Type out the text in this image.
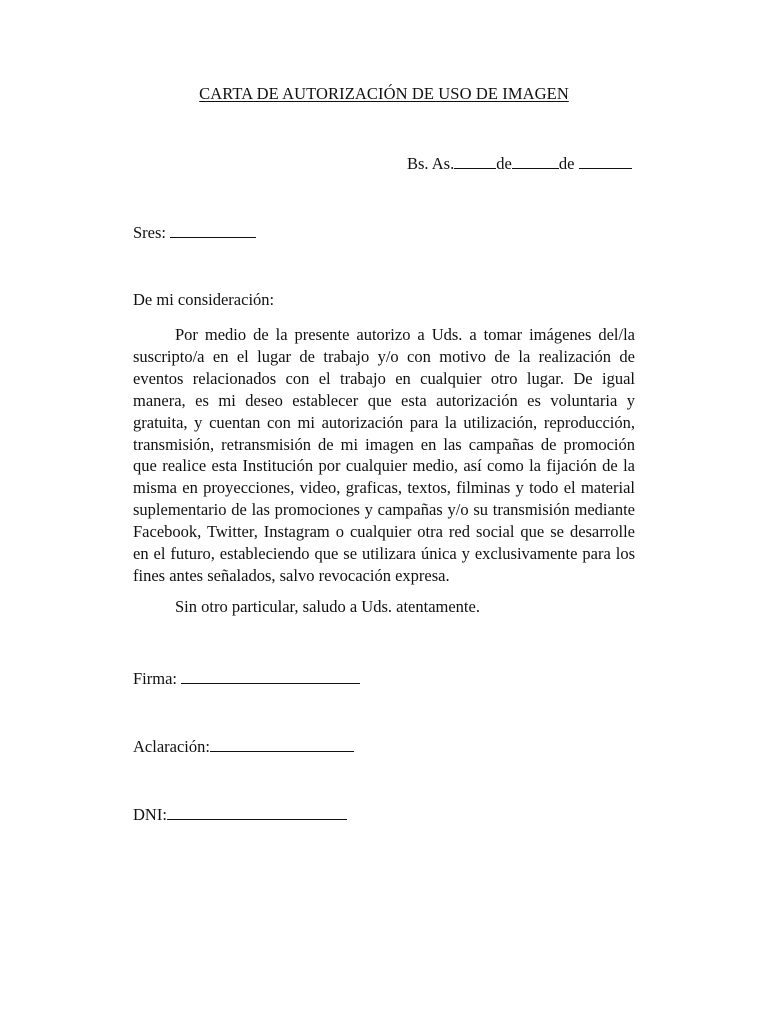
CARTA DE AUTORIZACIÓN DE USO DE IMAGEN
Bs. As.	de	de
Sres:
De mi consideración:

Por medio de la presente autorizo a Uds. a tomar imágenes del/la suscripto/a en el lugar de trabajo y/o con motivo de la realización de eventos relacionados con el trabajo en cualquier otro lugar. De igual manera, es mi deseo establecer que esta autorización es voluntaria y gratuita, y cuentan con mi autorización para la utilización, reproducción, transmisión, retransmisión de mi imagen en las campañas de promoción que realice esta Institución por cualquier medio, así como la fijación de la misma en proyecciones, video, graficas, textos, filminas y todo el material suplementario de las promociones y campañas y/o su transmisión mediante Facebook, Twitter, Instagram o cualquier otra red social que se desarrolle en el futuro, estableciendo que se utilizara única y exclusivamente para los fines antes señalados, salvo revocación expresa.

Sin otro particular, saludo a Uds. atentamente.
Firma:
Aclaración:
DNI:
